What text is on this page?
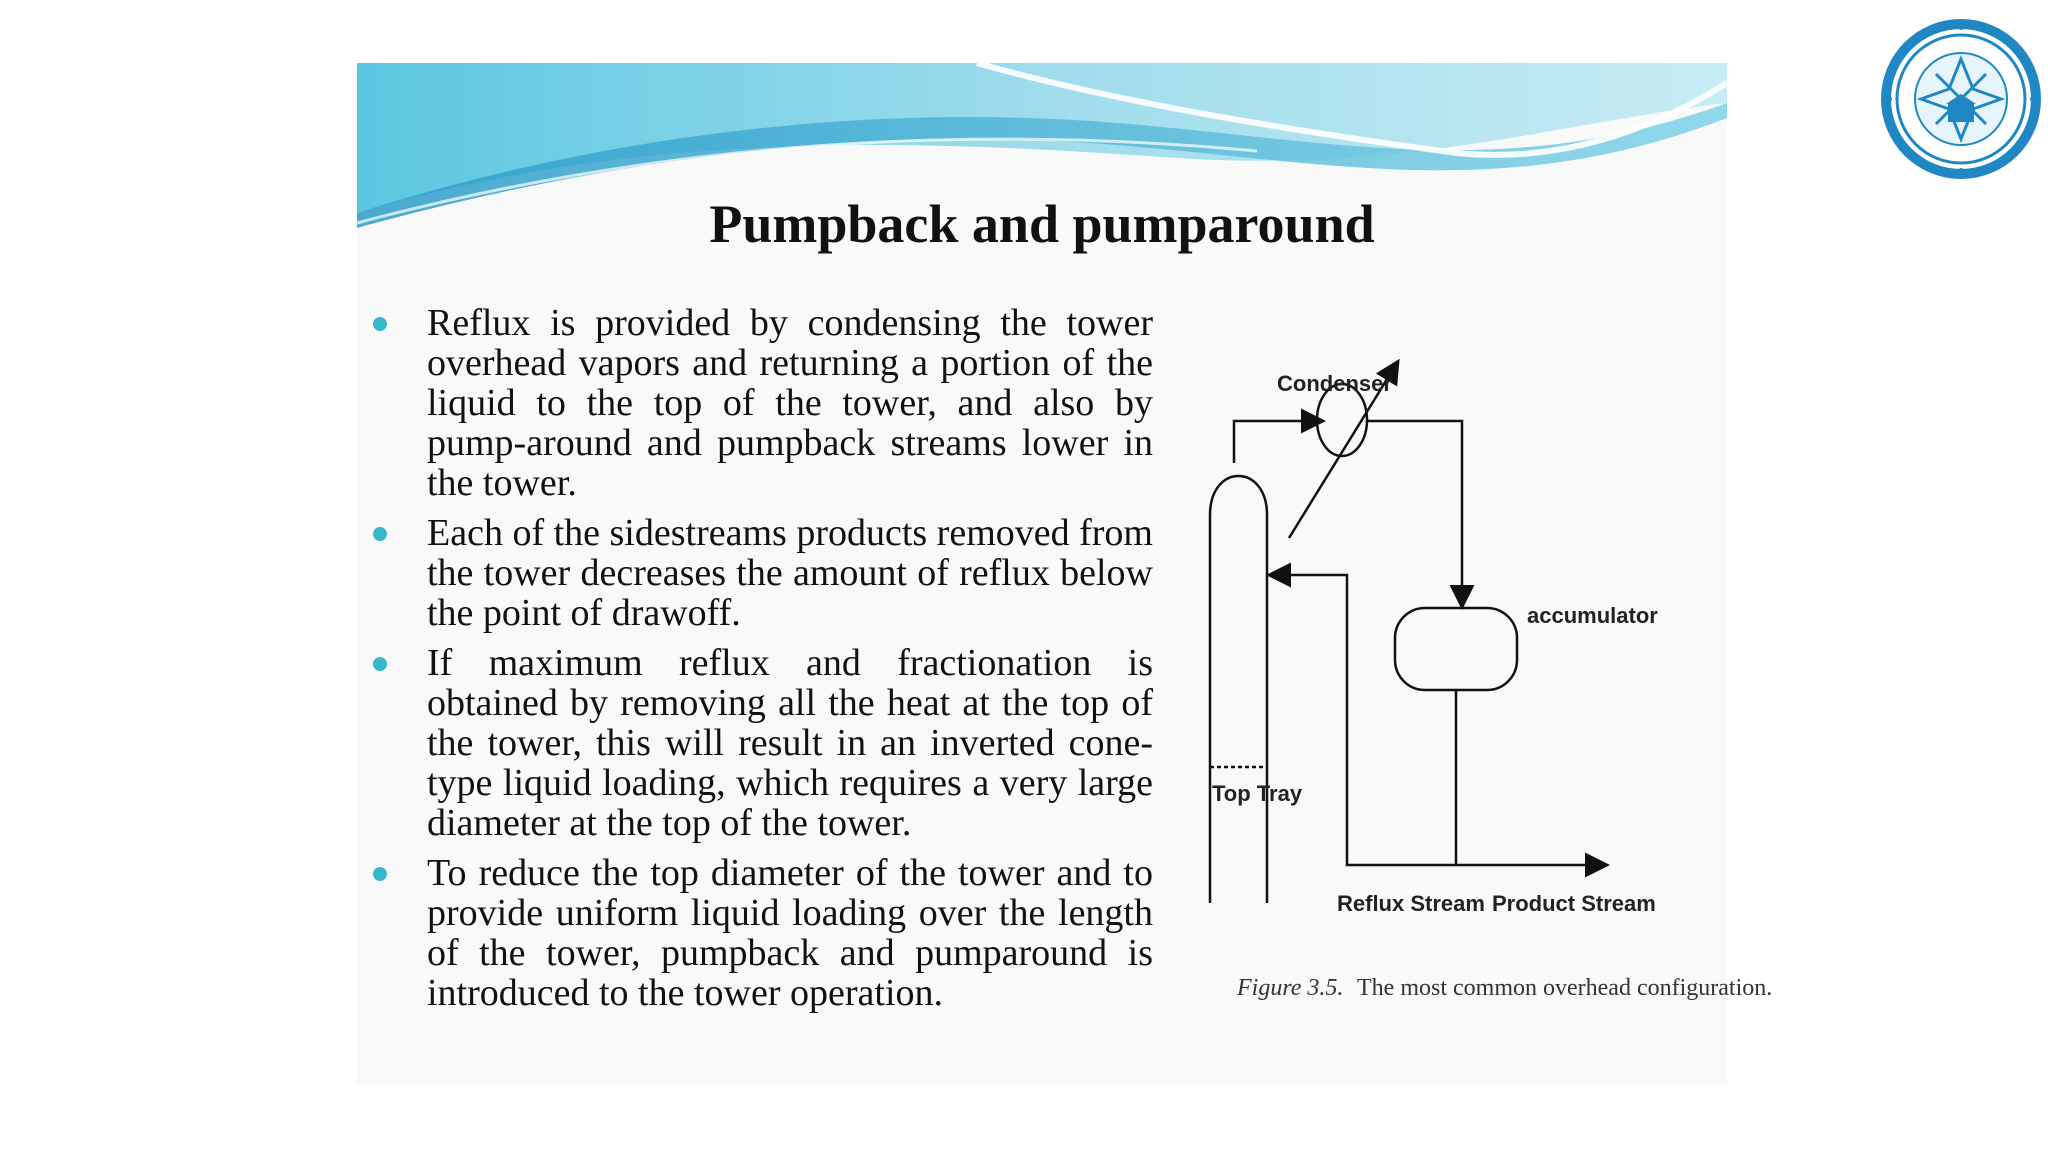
Pumpback and pumparound
Reflux is provided by condensing the tower overhead vapors and returning a portion of the liquid to the top of the tower, and also by pump-around and pumpback streams lower in the tower.
Each of the sidestreams products removed from the tower decreases the amount of reflux below the point of drawoff.
If maximum reflux and fractionation is obtained by removing all the heat at the top of the tower, this will result in an inverted cone-type liquid loading, which requires a very large diameter at the top of the tower.
To reduce the top diameter of the tower and to provide uniform liquid loading over the length of the tower, pumpback and pumparound is introduced to the tower operation.
Condenser
accumulator
Top Tray
Reflux Stream Product Stream
Figure 3.5. The most common overhead configuration.
